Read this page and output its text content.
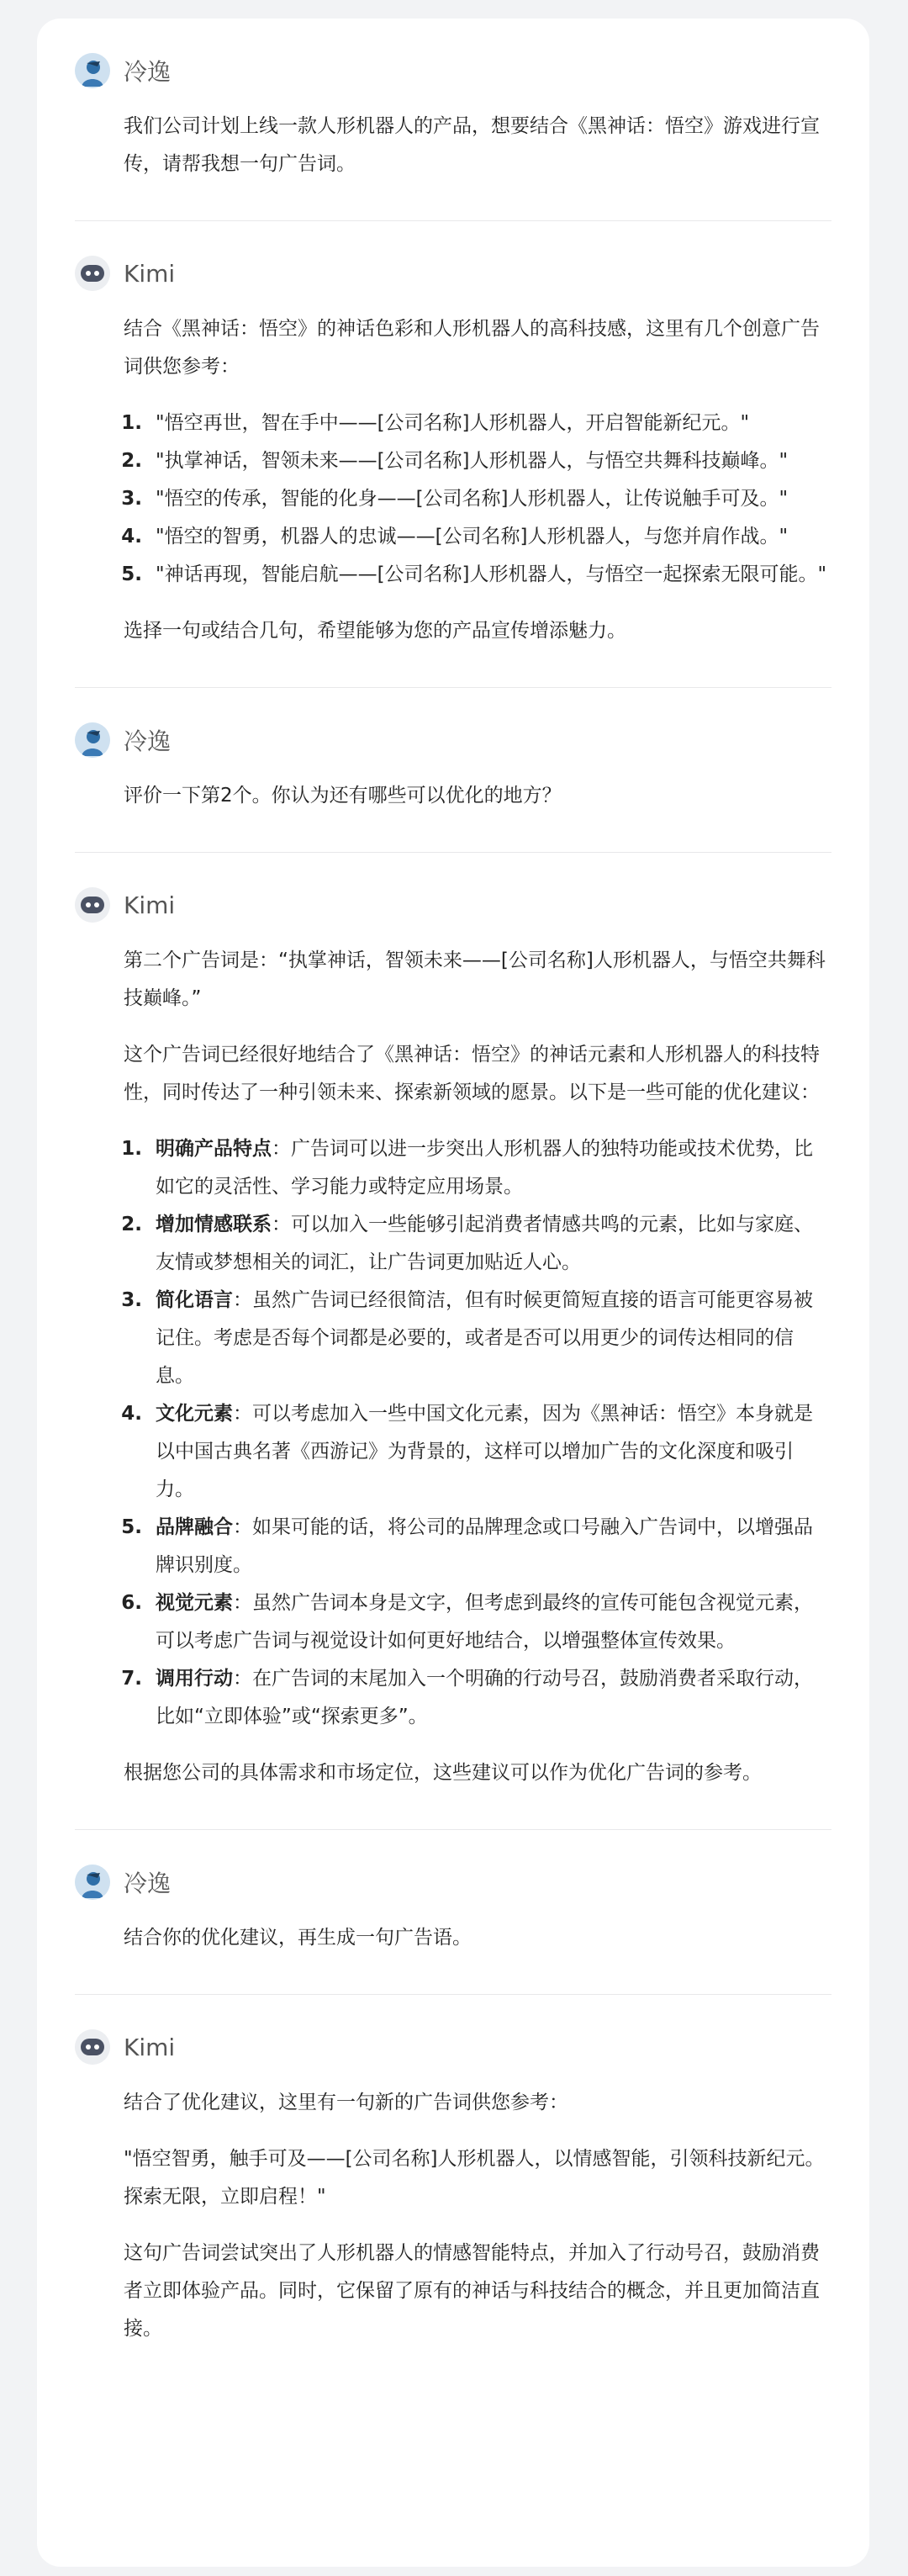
冷逸

我们公司计划上线一款人形机器人的产品，想要结合《黑神话：悟空》游戏进行宣传，请帮我想一句广告词。

Kimi

结合《黑神话：悟空》的神话色彩和人形机器人的高科技感，这里有几个创意广告词供您参考：

1. "悟空再世，智在手中——[公司名称]人形机器人，开启智能新纪元。"
2. "执掌神话，智领未来——[公司名称]人形机器人，与悟空共舞科技巅峰。"
3. "悟空的传承，智能的化身——[公司名称]人形机器人，让传说触手可及。"
4. "悟空的智勇，机器人的忠诚——[公司名称]人形机器人，与您并肩作战。"
5. "神话再现，智能启航——[公司名称]人形机器人，与悟空一起探索无限可能。"

选择一句或结合几句，希望能够为您的产品宣传增添魅力。

冷逸

评价一下第2个。你认为还有哪些可以优化的地方？

Kimi

第二个广告词是：“执掌神话，智领未来——[公司名称]人形机器人，与悟空共舞科技巅峰。”

这个广告词已经很好地结合了《黑神话：悟空》的神话元素和人形机器人的科技特性，同时传达了一种引领未来、探索新领域的愿景。以下是一些可能的优化建议：

1. 明确产品特点：广告词可以进一步突出人形机器人的独特功能或技术优势，比如它的灵活性、学习能力或特定应用场景。
2. 增加情感联系：可以加入一些能够引起消费者情感共鸣的元素，比如与家庭、友情或梦想相关的词汇，让广告词更加贴近人心。
3. 简化语言：虽然广告词已经很简洁，但有时候更简短直接的语言可能更容易被记住。考虑是否每个词都是必要的，或者是否可以用更少的词传达相同的信息。
4. 文化元素：可以考虑加入一些中国文化元素，因为《黑神话：悟空》本身就是以中国古典名著《西游记》为背景的，这样可以增加广告的文化深度和吸引力。
5. 品牌融合：如果可能的话，将公司的品牌理念或口号融入广告词中，以增强品牌识别度。
6. 视觉元素：虽然广告词本身是文字，但考虑到最终的宣传可能包含视觉元素，可以考虑广告词与视觉设计如何更好地结合，以增强整体宣传效果。
7. 调用行动：在广告词的末尾加入一个明确的行动号召，鼓励消费者采取行动，比如“立即体验”或“探索更多”。

根据您公司的具体需求和市场定位，这些建议可以作为优化广告词的参考。

冷逸

结合你的优化建议，再生成一句广告语。

Kimi

结合了优化建议，这里有一句新的广告词供您参考：

"悟空智勇，触手可及——[公司名称]人形机器人，以情感智能，引领科技新纪元。探索无限，立即启程！"

这句广告词尝试突出了人形机器人的情感智能特点，并加入了行动号召，鼓励消费者立即体验产品。同时，它保留了原有的神话与科技结合的概念，并且更加简洁直接。
